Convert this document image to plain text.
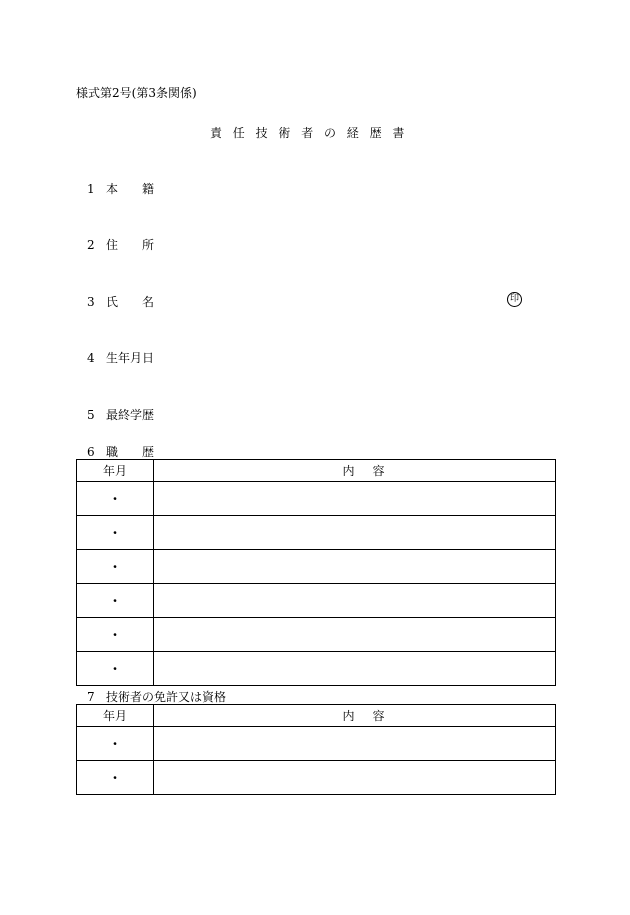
様式第2号(第3条関係)
責 任 技 術 者 の 経 歴 書
1 本 籍
2 住 所
3 氏 名	印
4 生年月日
5 最終学歴
6 職 歴
年月	内 容
・	
・	
・	
・	
・	
・	
7 技術者の免許又は資格
年月	内 容
・	
・	
